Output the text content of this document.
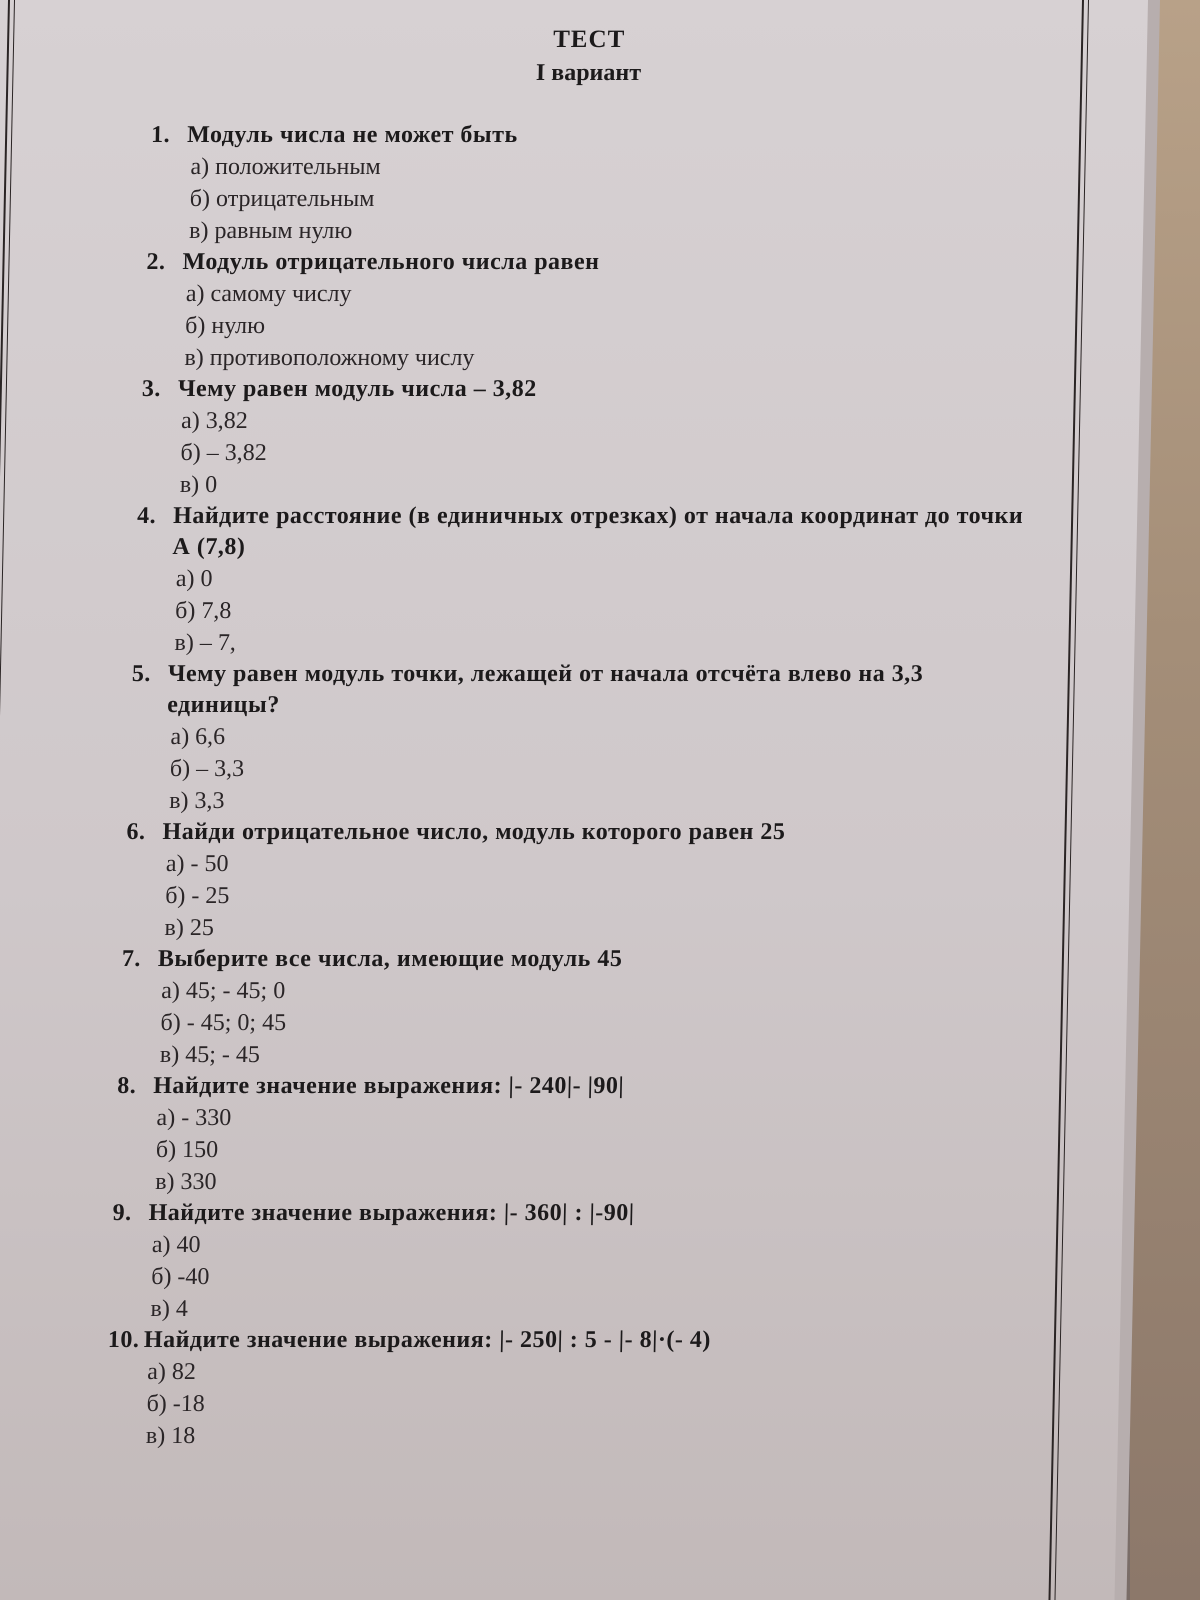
ТЕСТ
I вариант
1. Модуль числа не может быть
а) положительным
б) отрицательным
в) равным нулю
2. Модуль отрицательного числа равен
а) самому числу
б) нулю
в) противоположному числу
3. Чему равен модуль числа – 3,82
а) 3,82
б) – 3,82
в) 0
4. Найдите расстояние (в единичных отрезках) от начала координат до точки А (7,8)
а) 0
б) 7,8
в) – 7,
5. Чему равен модуль точки, лежащей от начала отсчёта влево на 3,3 единицы?
а) 6,6
б) – 3,3
в) 3,3
6. Найди отрицательное число, модуль которого равен 25
а) - 50
б) - 25
в) 25
7. Выберите все числа, имеющие модуль 45
а) 45; - 45; 0
б) - 45; 0; 45
в) 45; - 45
8. Найдите значение выражения: |- 240|- |90|
а) - 330
б) 150
в) 330
9. Найдите значение выражения: |- 360| : |-90|
а) 40
б) -40
в) 4
10. Найдите значение выражения: |- 250| : 5 - |- 8|·(- 4)
а) 82
б) -18
в) 18
